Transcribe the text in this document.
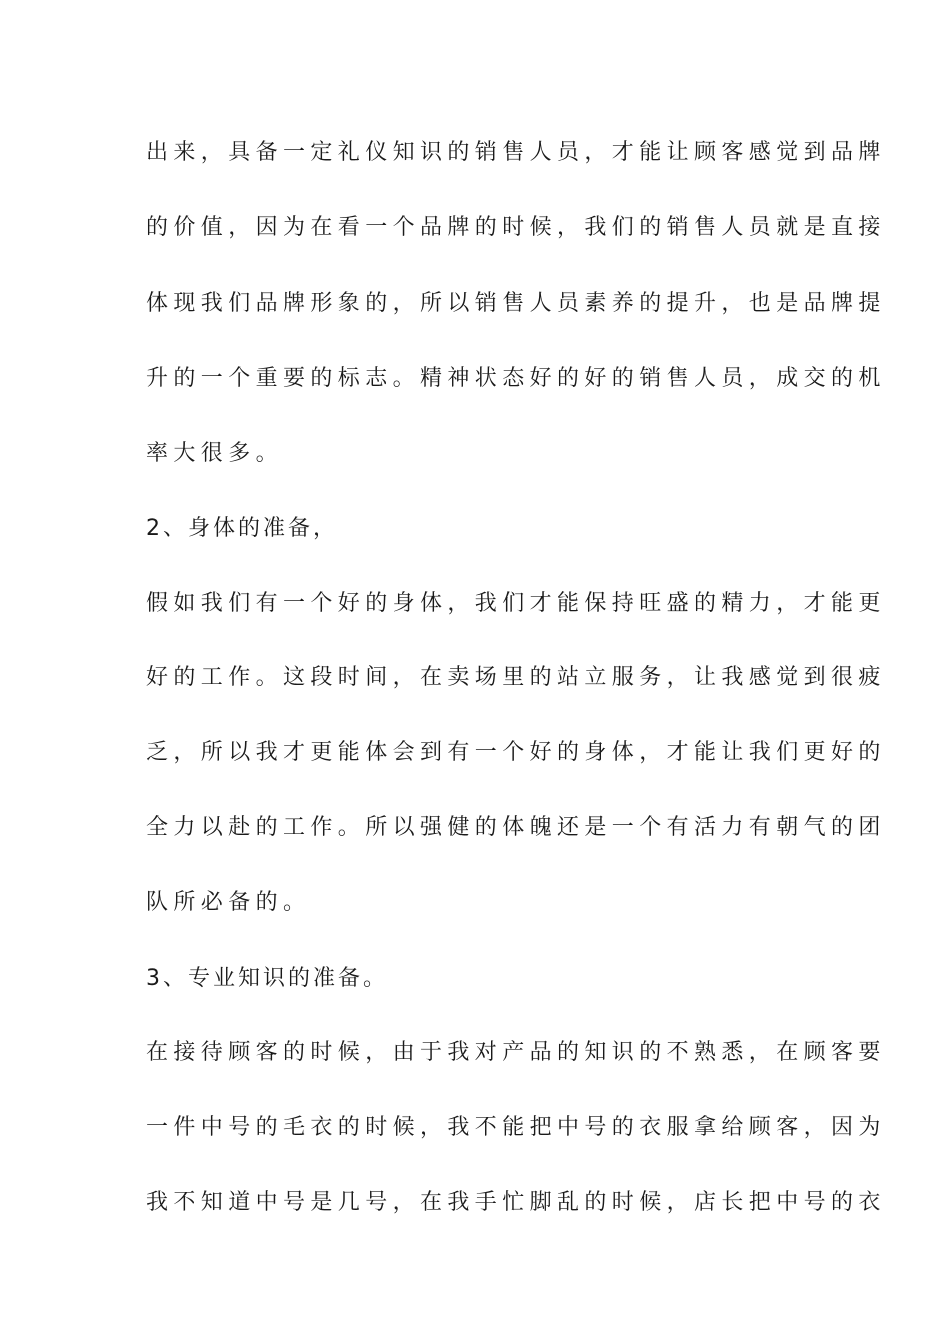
出来，具备一定礼仪知识的销售人员，才能让顾客感觉到品牌
的价值，因为在看一个品牌的时候，我们的销售人员就是直接
体现我们品牌形象的，所以销售人员素养的提升，也是品牌提
升的一个重要的标志。精神状态好的好的销售人员，成交的机
率大很多。
2、身体的准备，
假如我们有一个好的身体，我们才能保持旺盛的精力，才能更
好的工作。这段时间，在卖场里的站立服务，让我感觉到很疲
乏，所以我才更能体会到有一个好的身体，才能让我们更好的
全力以赴的工作。所以强健的体魄还是一个有活力有朝气的团
队所必备的。
3、专业知识的准备。
在接待顾客的时候，由于我对产品的知识的不熟悉，在顾客要
一件中号的毛衣的时候，我不能把中号的衣服拿给顾客，因为
我不知道中号是几号，在我手忙脚乱的时候，店长把中号的衣
